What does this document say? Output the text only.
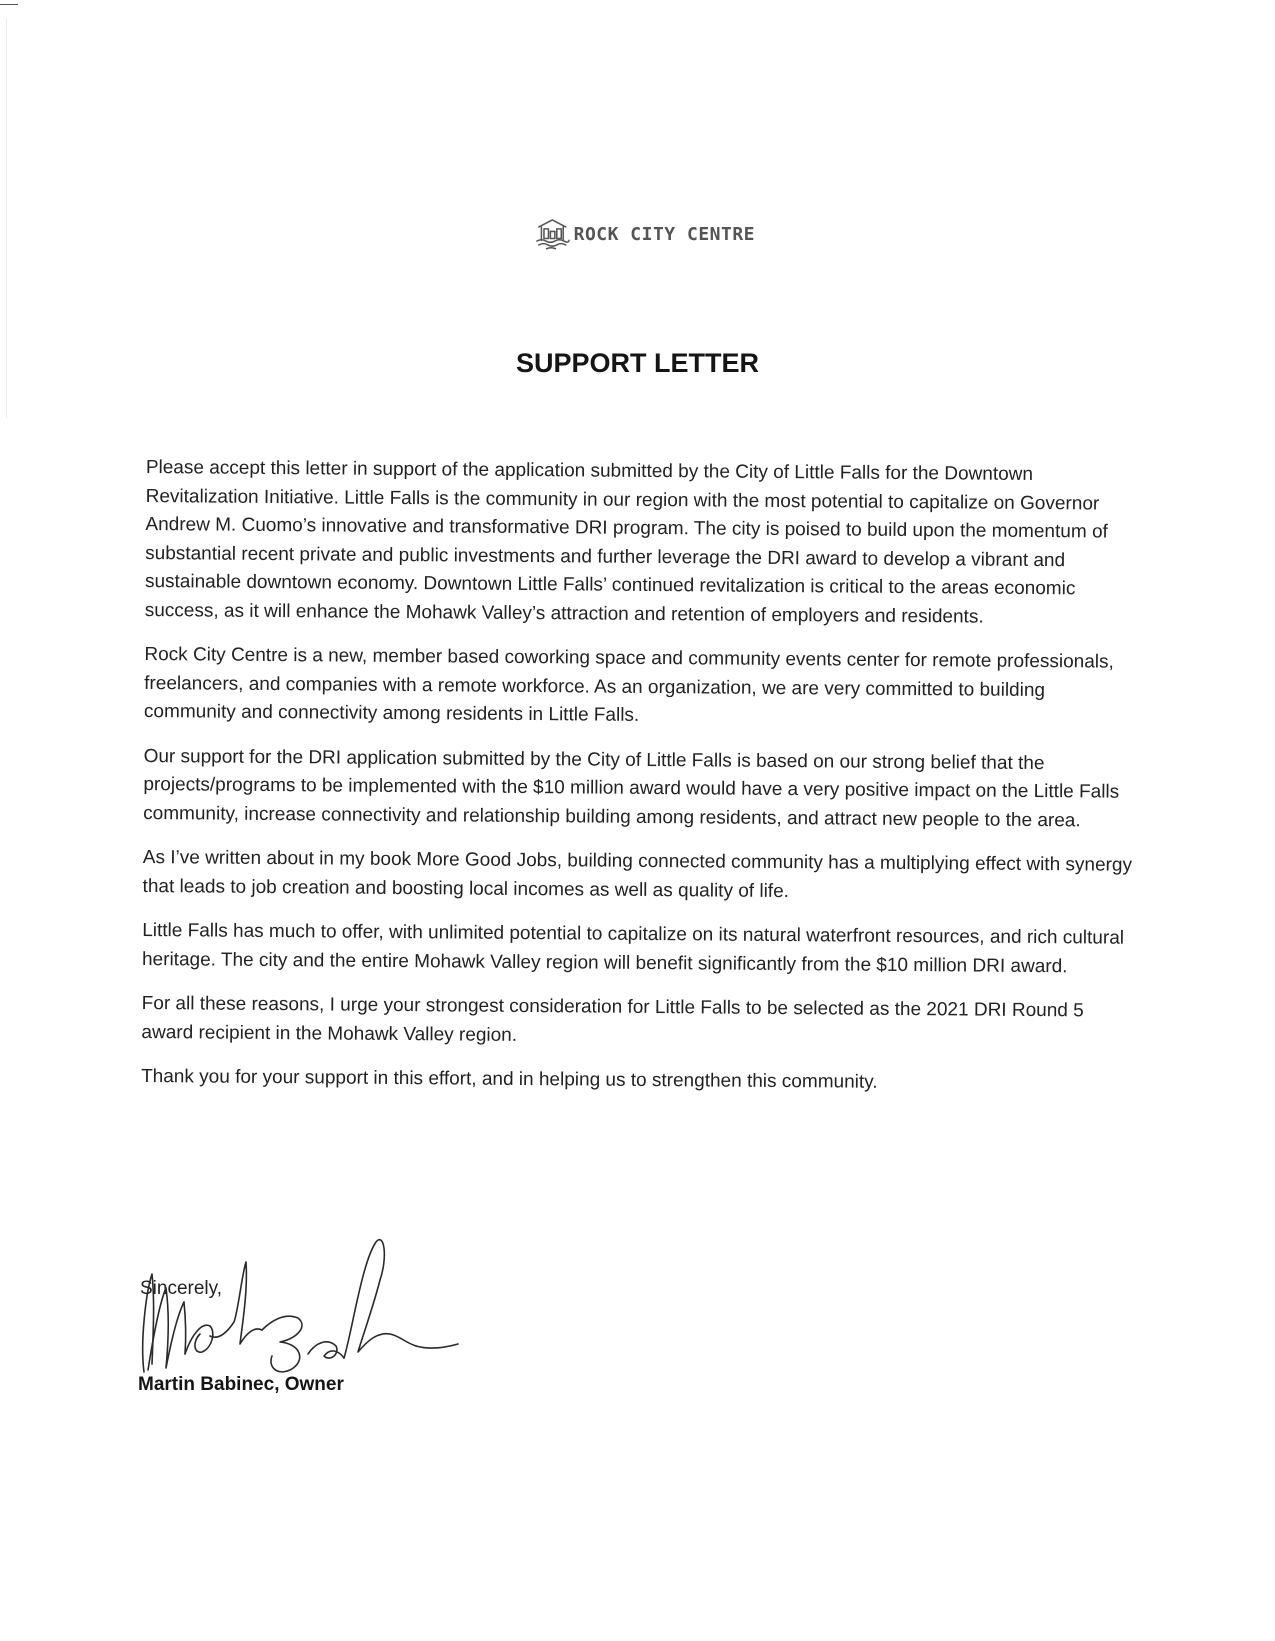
ROCK CITY CENTRE
SUPPORT LETTER

Please accept this letter in support of the application submitted by the City of Little Falls for the Downtown Revitalization Initiative. Little Falls is the community in our region with the most potential to capitalize on Governor Andrew M. Cuomo’s innovative and transformative DRI program. The city is poised to build upon the momentum of substantial recent private and public investments and further leverage the DRI award to develop a vibrant and sustainable downtown economy. Downtown Little Falls’ continued revitalization is critical to the areas economic success, as it will enhance the Mohawk Valley’s attraction and retention of employers and residents.

Rock City Centre is a new, member based coworking space and community events center for remote professionals, freelancers, and companies with a remote workforce. As an organization, we are very committed to building community and connectivity among residents in Little Falls.

Our support for the DRI application submitted by the City of Little Falls is based on our strong belief that the projects/programs to be implemented with the $10 million award would have a very positive impact on the Little Falls community, increase connectivity and relationship building among residents, and attract new people to the area.

As I’ve written about in my book More Good Jobs, building connected community has a multiplying effect with synergy that leads to job creation and boosting local incomes as well as quality of life.

Little Falls has much to offer, with unlimited potential to capitalize on its natural waterfront resources, and rich cultural heritage. The city and the entire Mohawk Valley region will benefit significantly from the $10 million DRI award.

For all these reasons, I urge your strongest consideration for Little Falls to be selected as the 2021 DRI Round 5 award recipient in the Mohawk Valley region.

Thank you for your support in this effort, and in helping us to strengthen this community.

Sincerely,
Martin Babinec, Owner
